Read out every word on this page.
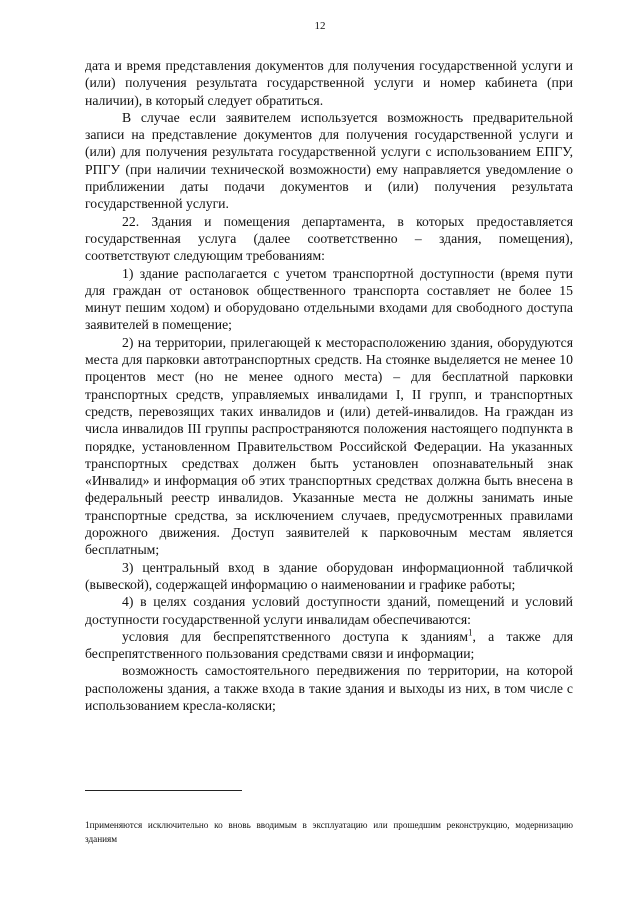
12

дата и время представления документов для получения государственной услуги и (или) получения результата государственной услуги и номер кабинета (при наличии), в который следует обратиться.

В случае если заявителем используется возможность предварительной записи на представление документов для получения государственной услуги и (или) для получения результата государственной услуги с использованием ЕПГУ, РПГУ (при наличии технической возможности) ему направляется уведомление о приближении даты подачи документов и (или) получения результата государственной услуги.

22. Здания и помещения департамента, в которых предоставляется государственная услуга (далее соответственно – здания, помещения), соответствуют следующим требованиям:

1) здание располагается с учетом транспортной доступности (время пути для граждан от остановок общественного транспорта составляет не более 15 минут пешим ходом) и оборудовано отдельными входами для свободного доступа заявителей в помещение;

2) на территории, прилегающей к месторасположению здания, оборудуются места для парковки автотранспортных средств. На стоянке выделяется не менее 10 процентов мест (но не менее одного места) – для бесплатной парковки транспортных средств, управляемых инвалидами I, II групп, и транспортных средств, перевозящих таких инвалидов и (или) детей-инвалидов. На граждан из числа инвалидов III группы распространяются положения настоящего подпункта в порядке, установленном Правительством Российской Федерации. На указанных транспортных средствах должен быть установлен опознавательный знак «Инвалид» и информация об этих транспортных средствах должна быть внесена в федеральный реестр инвалидов. Указанные места не должны занимать иные транспортные средства, за исключением случаев, предусмотренных правилами дорожного движения. Доступ заявителей к парковочным местам является бесплатным;

3) центральный вход в здание оборудован информационной табличкой (вывеской), содержащей информацию о наименовании и графике работы;

4) в целях создания условий доступности зданий, помещений и условий доступности государственной услуги инвалидам обеспечиваются:

условия для беспрепятственного доступа к зданиям$^1$, а также для беспрепятственного пользования средствами связи и информации;

возможность самостоятельного передвижения по территории, на которой расположены здания, а также входа в такие здания и выходы из них, в том числе с использованием кресла-коляски;

1применяются исключительно ко вновь вводимым в эксплуатацию или прошедшим реконструкцию, модернизацию зданиям
